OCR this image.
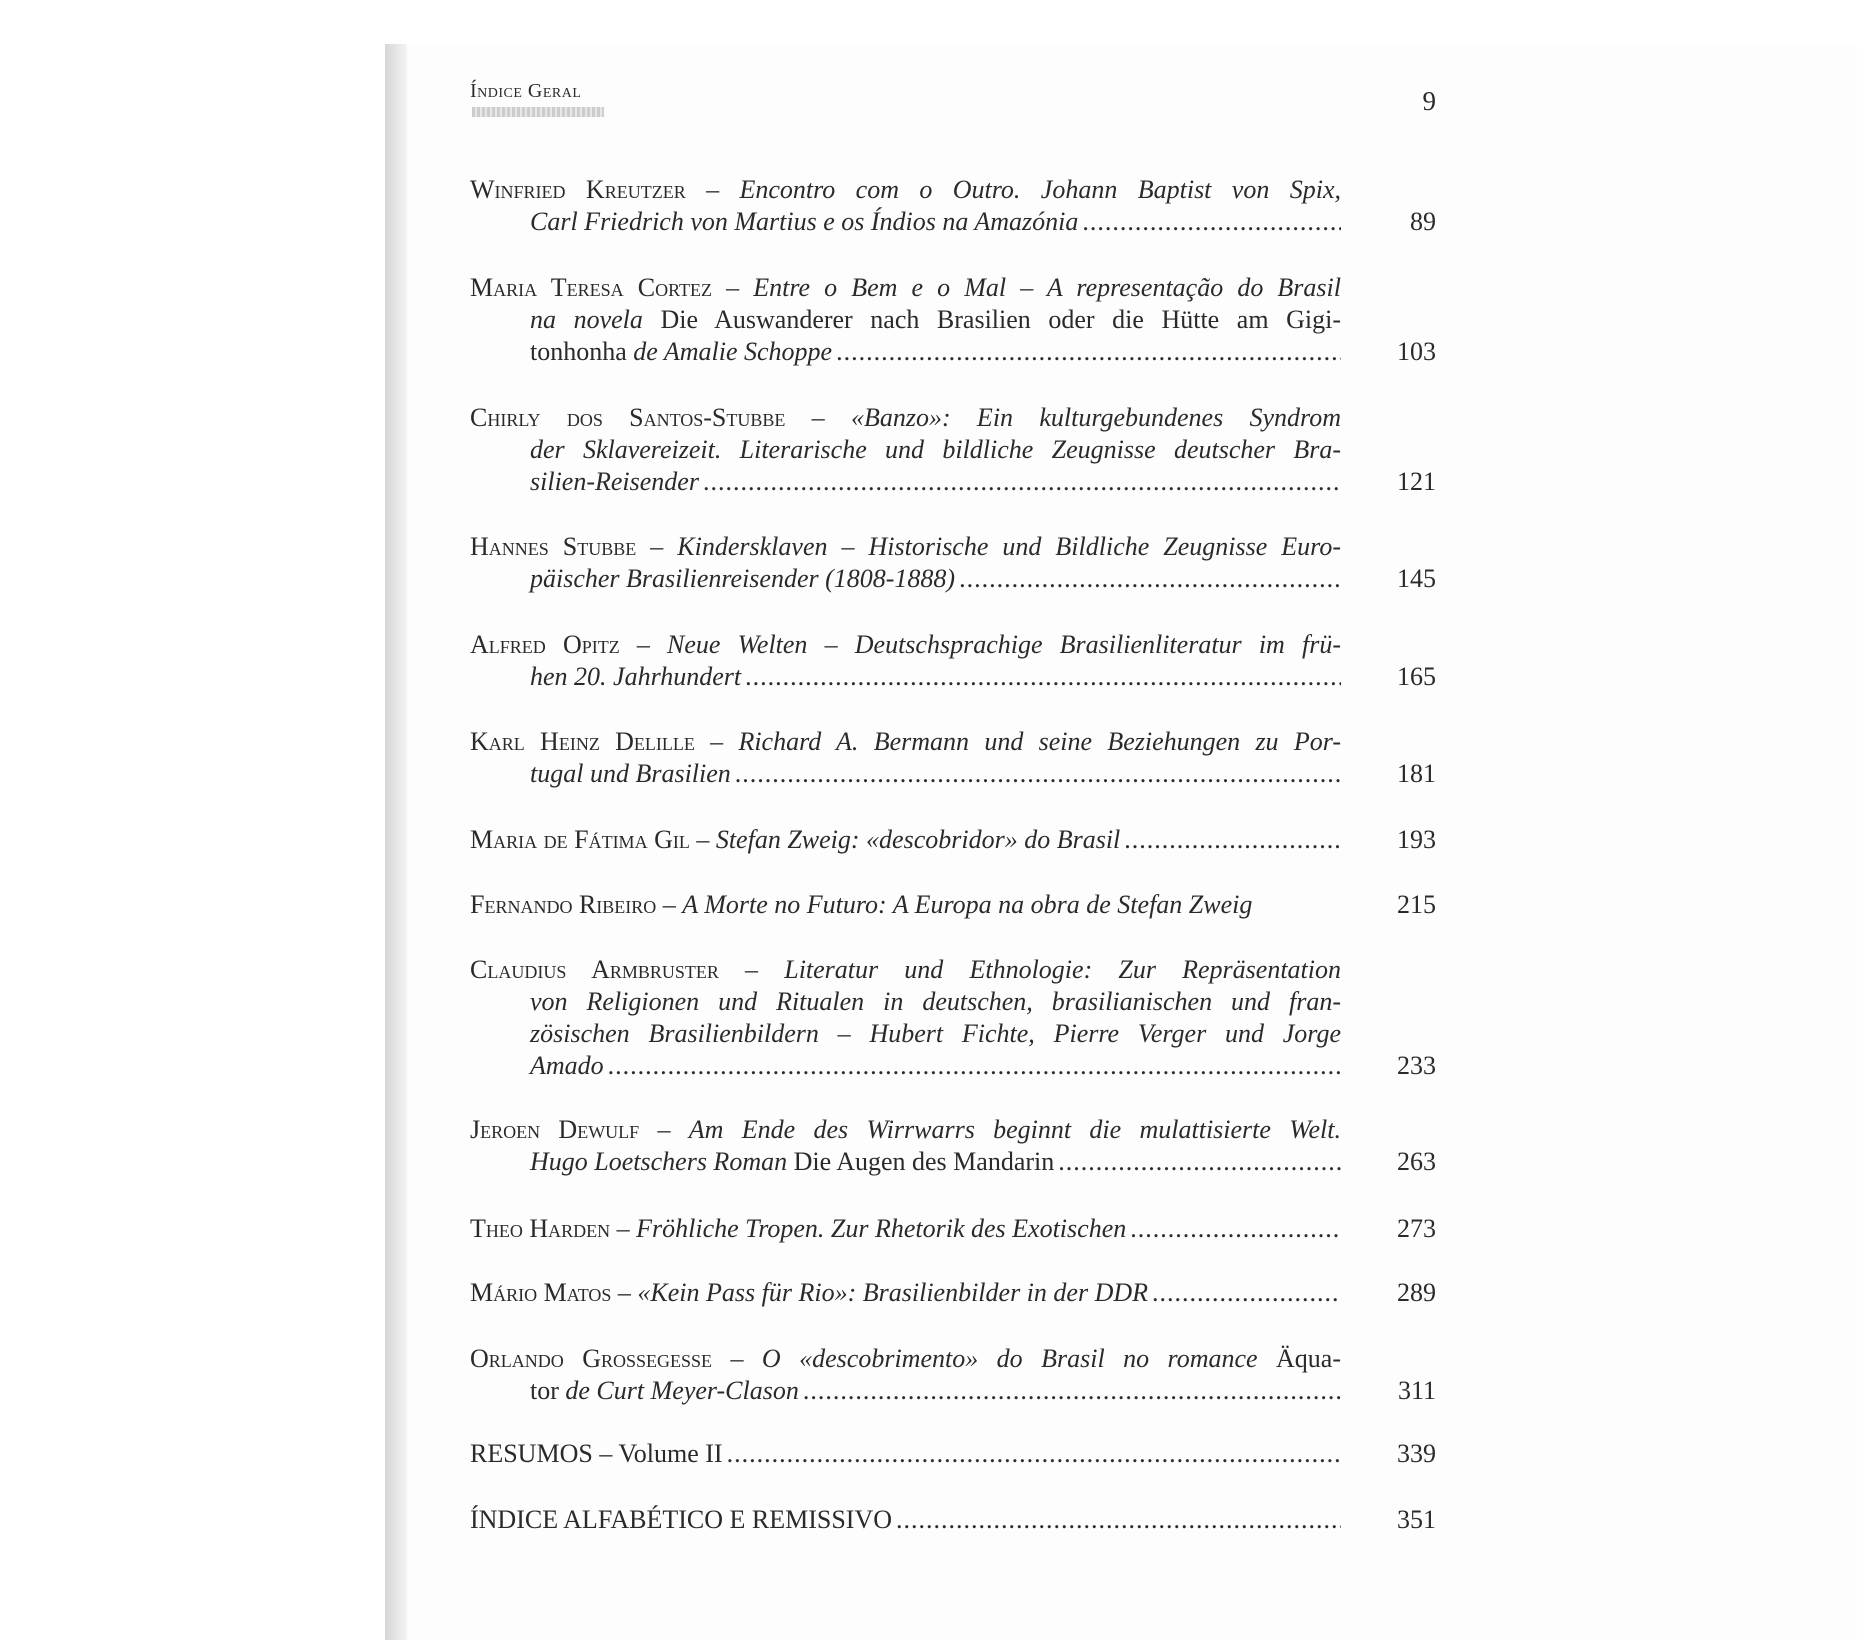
Índice Geral	9
Winfried Kreutzer – Encontro com o Outro. Johann Baptist von Spix,
Carl Friedrich von Martius e os Índios na Amazónia .....	89
Maria Teresa Cortez – Entre o Bem e o Mal – A representação do Brasil
na novela Die Auswanderer nach Brasilien oder die Hütte am Gigi-
tonhonha de Amalie Schoppe .....	103
Chirly dos Santos-Stubbe – «Banzo»: Ein kulturgebundenes Syndrom
der Sklavereizeit. Literarische und bildliche Zeugnisse deutscher Bra-
silien-Reisender .....	121
Hannes Stubbe – Kindersklaven – Historische und Bildliche Zeugnisse Euro-
päischer Brasilienreisender (1808-1888) .....	145
Alfred Opitz – Neue Welten – Deutschsprachige Brasilienliteratur im frü-
hen 20. Jahrhundert .....	165
Karl Heinz Delille – Richard A. Bermann und seine Beziehungen zu Por-
tugal und Brasilien .....	181
Maria de Fátima Gil – Stefan Zweig: «descobridor» do Brasil .....	193
Fernando Ribeiro – A Morte no Futuro: A Europa na obra de Stefan Zweig	215
Claudius Armbruster – Literatur und Ethnologie: Zur Repräsentation
von Religionen und Ritualen in deutschen, brasilianischen und fran-
zösischen Brasilienbildern – Hubert Fichte, Pierre Verger und Jorge
Amado .....	233
Jeroen Dewulf – Am Ende des Wirrwarrs beginnt die mulattisierte Welt.
Hugo Loetschers Roman Die Augen des Mandarin .....	263
Theo Harden – Fröhliche Tropen. Zur Rhetorik des Exotischen .....	273
Mário Matos – «Kein Pass für Rio»: Brasilienbilder in der DDR .....	289
Orlando Grossegesse – O «descobrimento» do Brasil no romance Äqua-
tor de Curt Meyer-Clason .....	311
RESUMOS – Volume II .....	339
ÍNDICE ALFABÉTICO E REMISSIVO .....	351
